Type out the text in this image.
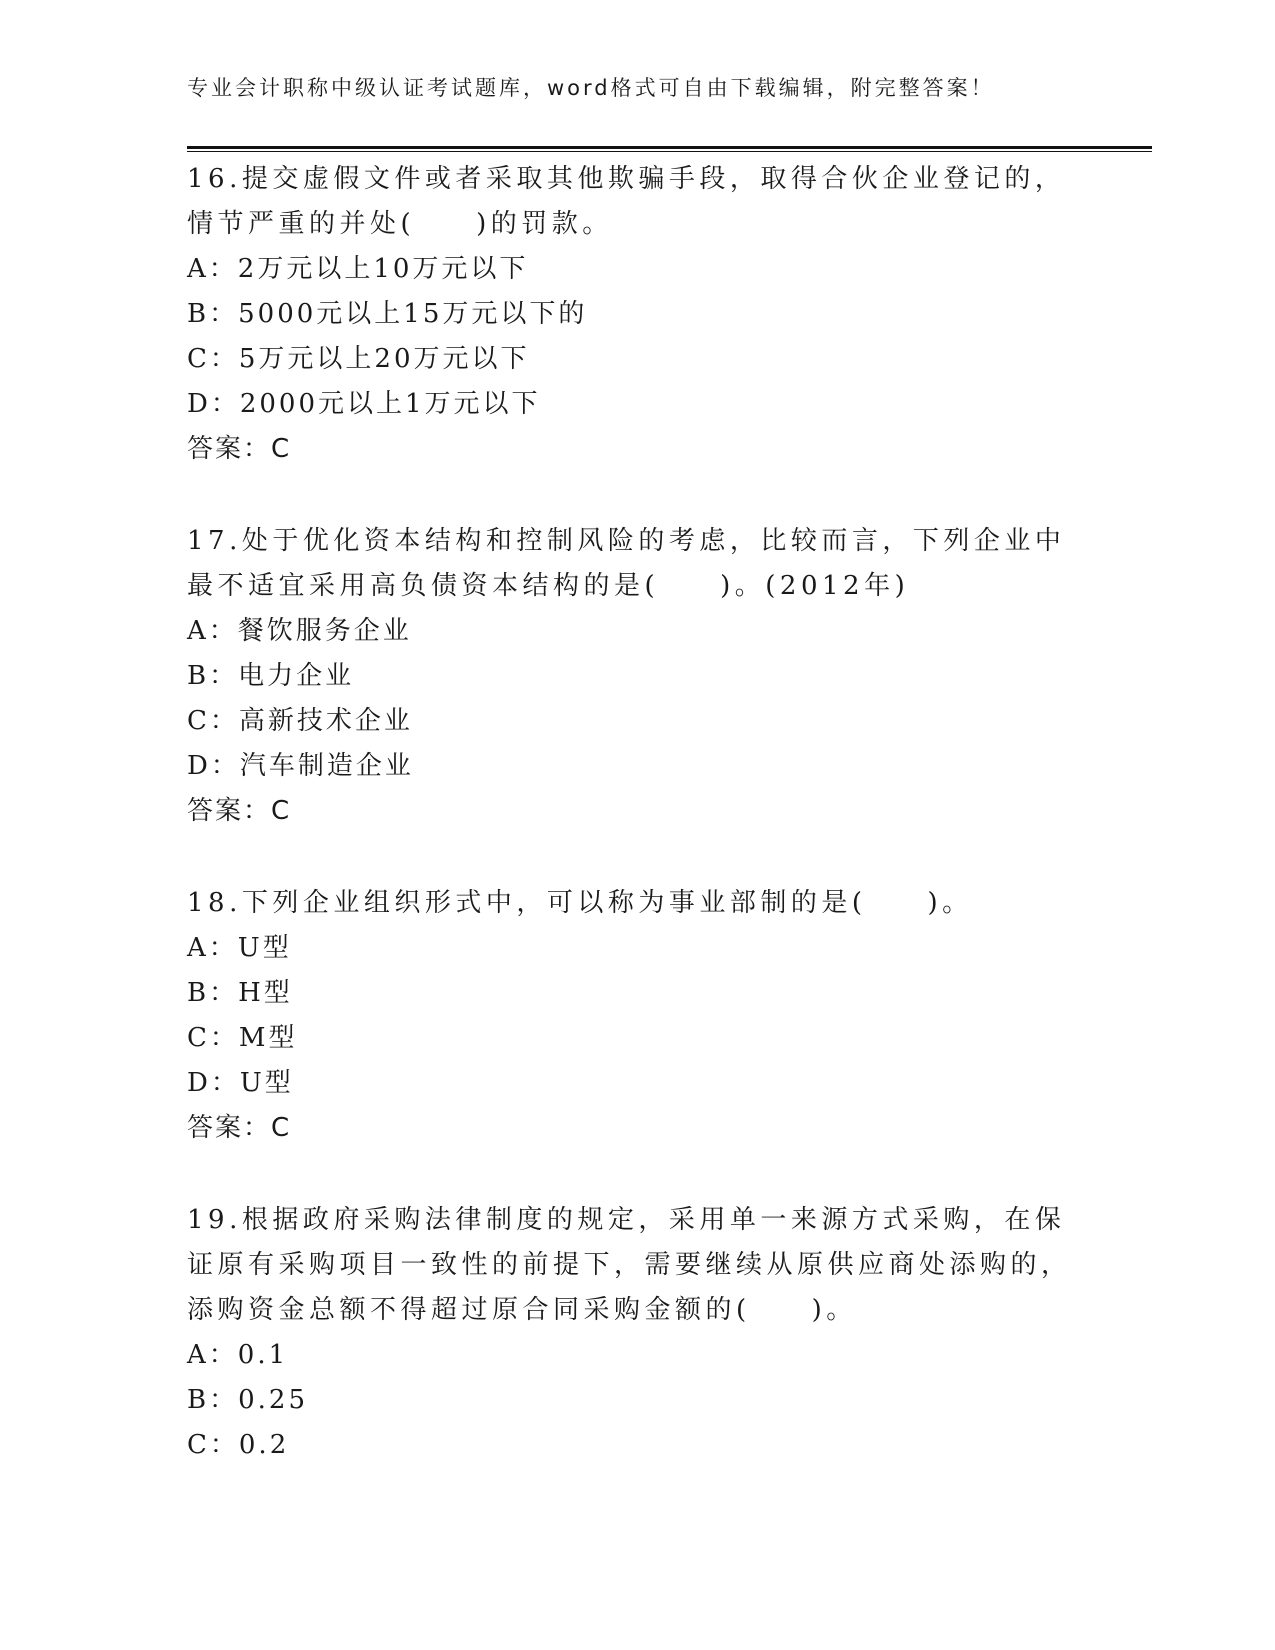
专业会计职称中级认证考试题库，word格式可自由下载编辑，附完整答案！

16.提交虚假文件或者采取其他欺骗手段，取得合伙企业登记的，情节严重的并处(　　)的罚款。

A：2万元以上10万元以下

B：5000元以上15万元以下的

C：5万元以上20万元以下

D：2000元以上1万元以下

答案：C

17.处于优化资本结构和控制风险的考虑，比较而言，下列企业中最不适宜采用高负债资本结构的是(　　)。(2012年)

A：餐饮服务企业

B：电力企业

C：高新技术企业

D：汽车制造企业

答案：C

18.下列企业组织形式中，可以称为事业部制的是(　　)。

A：U型

B：H型

C：M型

D：U型

答案：C

19.根据政府采购法律制度的规定，采用单一来源方式采购，在保证原有采购项目一致性的前提下，需要继续从原供应商处添购的，添购资金总额不得超过原合同采购金额的(　　)。

A：0.1

B：0.25

C：0.2
